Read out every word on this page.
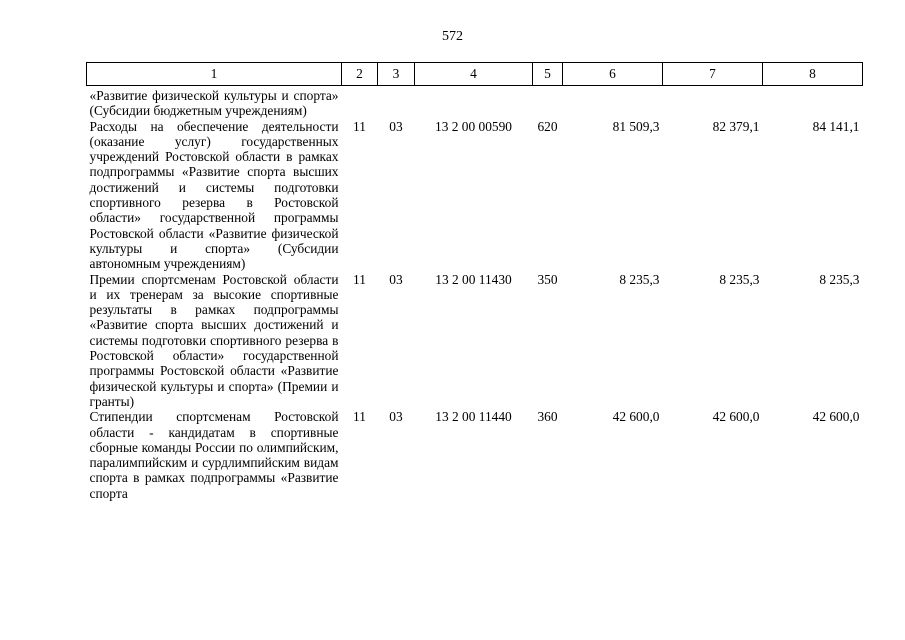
572
1	2	3	4	5	6	7	8
«Развитие физической культуры и спорта» (Субсидии бюджетным учреждениям)							
Расходы на обеспечение деятельности (оказание услуг) государственных учреждений Ростовской области в рамках подпрограммы «Развитие спорта высших достижений и системы подготовки спортивного резерва в Ростовской области» государственной программы Ростовской области «Развитие физической культуры и спорта» (Субсидии автономным учреждениям)	11	03	13 2 00 00590	620	81 509,3	82 379,1	84 141,1
Премии спортсменам Ростовской области и их тренерам за высокие спортивные результаты в рамках подпрограммы «Развитие спорта высших достижений и системы подготовки спортивного резерва в Ростовской области» государственной программы Ростовской области «Развитие физической культуры и спорта» (Премии и гранты)	11	03	13 2 00 11430	350	8 235,3	8 235,3	8 235,3
Стипендии спортсменам Ростовской области - кандидатам в спортивные сборные команды России по олимпийским, паралимпийским и сурдлимпийским видам спорта в рамках подпрограммы «Развитие спорта	11	03	13 2 00 11440	360	42 600,0	42 600,0	42 600,0
